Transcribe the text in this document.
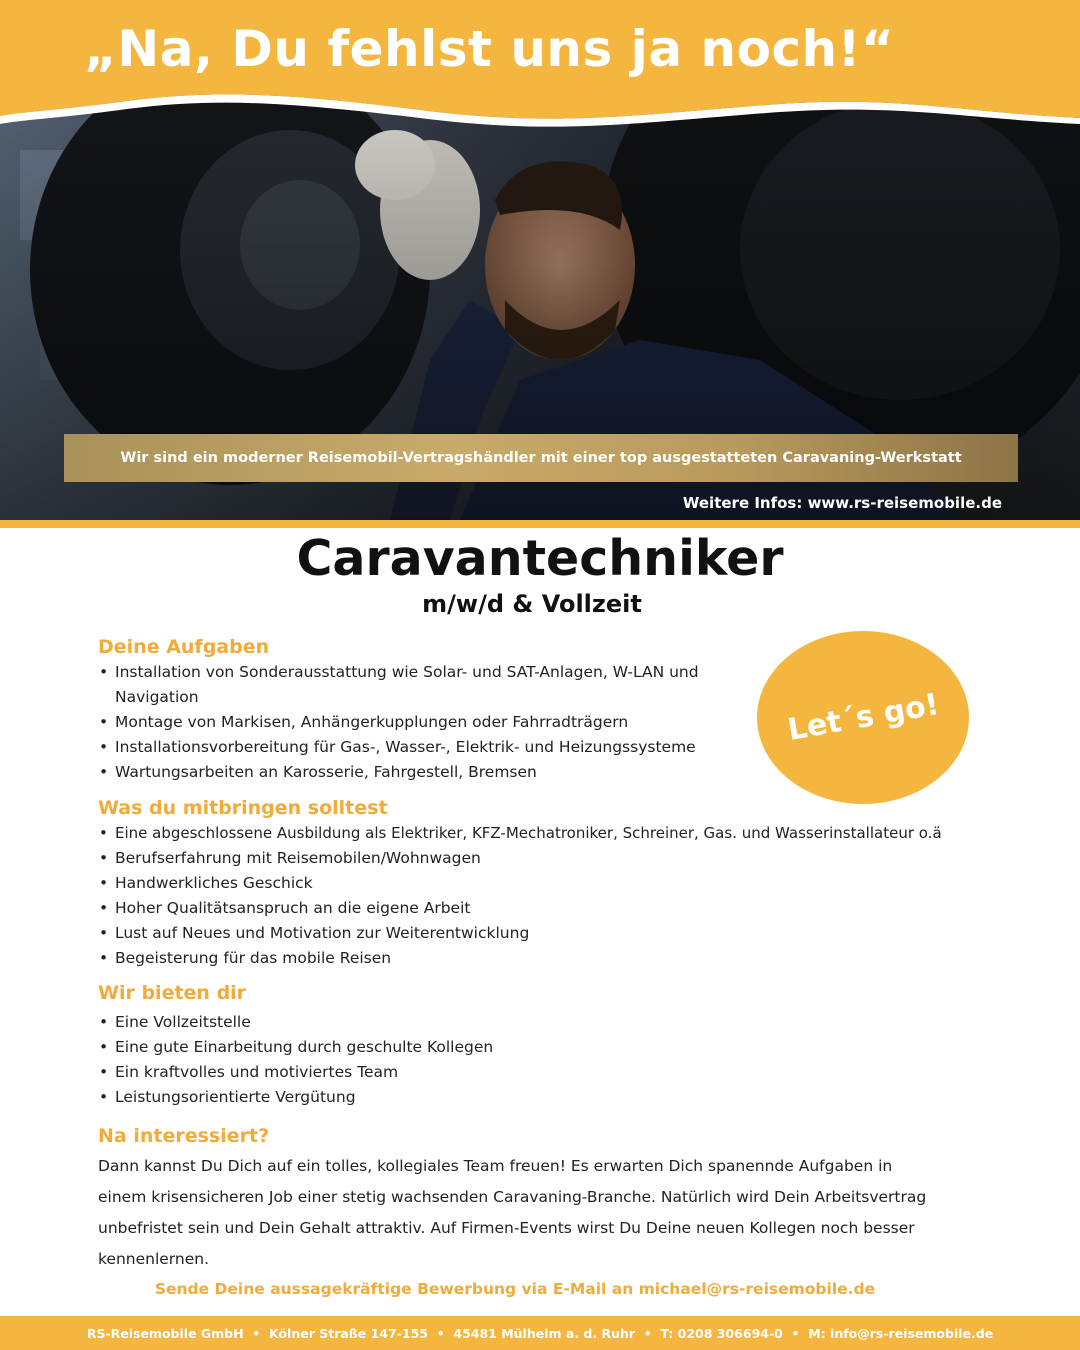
„Na, Du fehlst uns ja noch!“
Wir sind ein moderner Reisemobil-Vertragshändler mit einer top ausgestatteten Caravaning-Werkstatt
Weitere Infos: www.rs-reisemobile.de
Caravantechniker
m/w/d & Vollzeit
Let´s go!
Deine Aufgaben
• Installation von Sonderausstattung wie Solar- und SAT-Anlagen, W-LAN und Navigation
• Montage von Markisen, Anhängerkupplungen oder Fahrradträgern
• Installationsvorbereitung für Gas-, Wasser-, Elektrik- und Heizungssysteme
• Wartungsarbeiten an Karosserie, Fahrgestell, Bremsen
Was du mitbringen solltest
• Eine abgeschlossene Ausbildung als Elektriker, KFZ-Mechatroniker, Schreiner, Gas. und Wasserinstallateur o.ä
• Berufserfahrung mit Reisemobilen/Wohnwagen
• Handwerkliches Geschick
• Hoher Qualitätsanspruch an die eigene Arbeit
• Lust auf Neues und Motivation zur Weiterentwicklung
• Begeisterung für das mobile Reisen
Wir bieten dir
• Eine Vollzeitstelle
• Eine gute Einarbeitung durch geschulte Kollegen
• Ein kraftvolles und motiviertes Team
• Leistungsorientierte Vergütung
Na interessiert?

Dann kannst Du Dich auf ein tolles, kollegiales Team freuen! Es erwarten Dich spanennde Aufgaben in einem krisensicheren Job einer stetig wachsenden Caravaning-Branche. Natürlich wird Dein Arbeitsvertrag unbefristet sein und Dein Gehalt attraktiv. Auf Firmen-Events wirst Du Deine neuen Kollegen noch besser kennenlernen.

Sende Deine aussagekräftige Bewerbung via E-Mail an michael@rs-reisemobile.de
RS-Reisemobile GmbH  •  Kölner Straße 147-155  •  45481 Mülheim a. d. Ruhr  •  T: 0208 306694-0  •  M: info@rs-reisemobile.de
